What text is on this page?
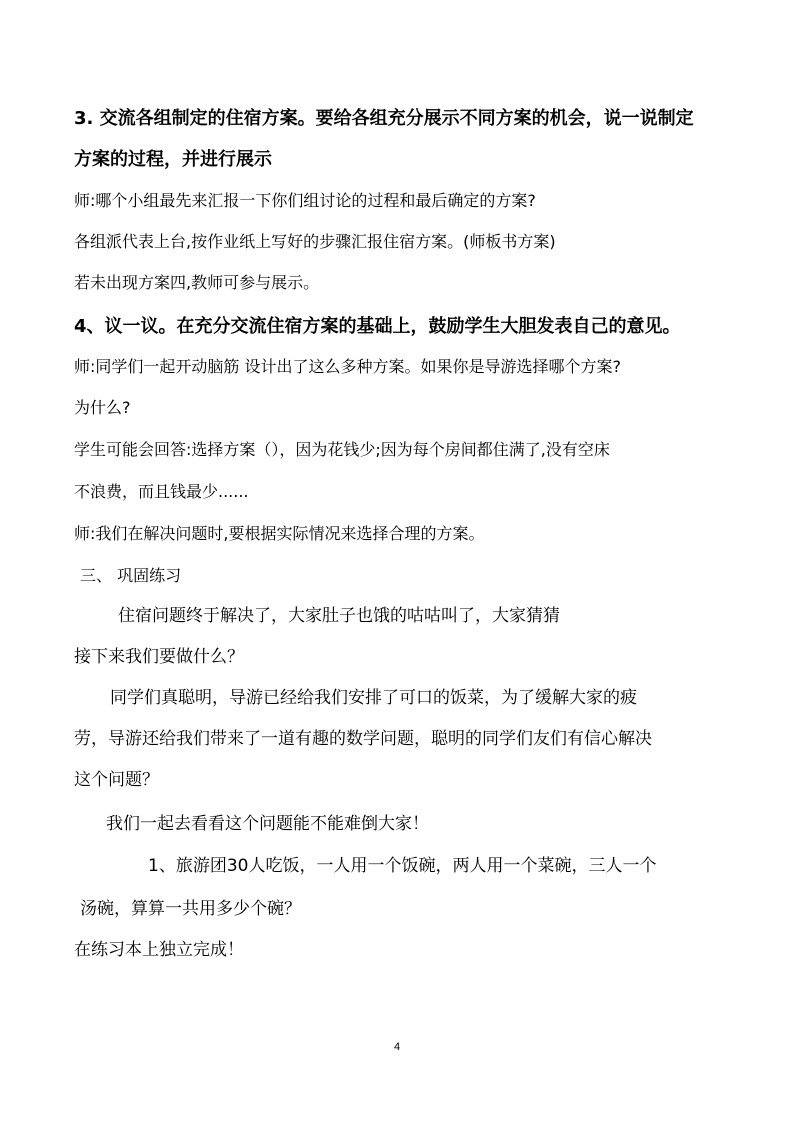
3. 交流各组制定的住宿方案。要给各组充分展示不同方案的机会，说一说制定
方案的过程，并进行展示
师:哪个小组最先来汇报一下你们组讨论的过程和最后确定的方案?
各组派代表上台,按作业纸上写好的步骤汇报住宿方案。(师板书方案)
若未出现方案四,教师可参与展示。
4、议一议。在充分交流住宿方案的基础上，鼓励学生大胆发表自己的意见。
师:同学们一起开动脑筋 设计出了这么多种方案。如果你是导游选择哪个方案?
为什么?
学生可能会回答:选择方案（），因为花钱少;因为每个房间都住满了,没有空床
不浪费，而且钱最少......
师:我们在解决问题时,要根据实际情况来选择合理的方案。
三、 巩固练习
住宿问题终于解决了，大家肚子也饿的咕咕叫了，大家猜猜
接下来我们要做什么？
同学们真聪明，导游已经给我们安排了可口的饭菜，为了缓解大家的疲
劳，导游还给我们带来了一道有趣的数学问题，聪明的同学们友们有信心解决
这个问题？
我们一起去看看这个问题能不能难倒大家！
1、旅游团30人吃饭，一人用一个饭碗，两人用一个菜碗，三人一个
汤碗，算算一共用多少个碗？
在练习本上独立完成！
4
